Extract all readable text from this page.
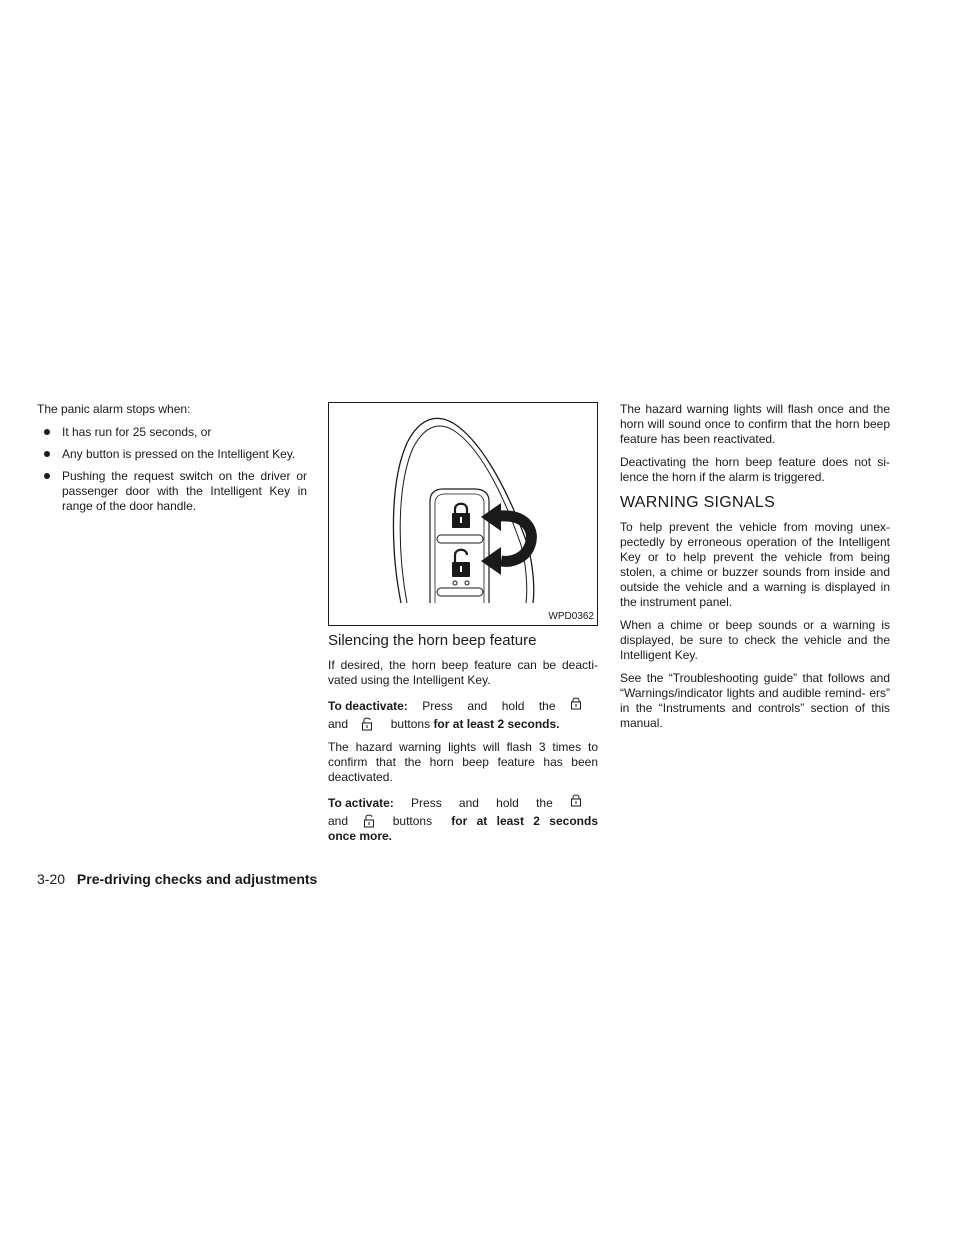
The panic alarm stops when:

It has run for 25 seconds, or
Any button is pressed on the Intelligent Key.
Pushing the request switch on the driver or passenger door with the Intelligent Key in range of the door handle.
WPD0362
Silencing the horn beep feature

If desired, the horn beep feature can be deacti- vated using the Intelligent Key.

To deactivate: Press and hold the
and	buttons for at least 2 seconds.

The hazard warning lights will flash 3 times to confirm that the horn beep feature has been deactivated.

To activate: Press and hold the
and	buttons for at least 2 seconds
once more.

The hazard warning lights will flash once and the horn will sound once to confirm that the horn beep feature has been reactivated.

Deactivating the horn beep feature does not si- lence the horn if the alarm is triggered.

WARNING SIGNALS

To help prevent the vehicle from moving unex- pectedly by erroneous operation of the Intelligent Key or to help prevent the vehicle from being stolen, a chime or buzzer sounds from inside and outside the vehicle and a warning is displayed in the instrument panel.

When a chime or beep sounds or a warning is displayed, be sure to check the vehicle and the Intelligent Key.

See the “Troubleshooting guide” that follows and “Warnings/indicator lights and audible remind- ers” in the “Instruments and controls” section of this manual.

3-20 Pre-driving checks and adjustments
